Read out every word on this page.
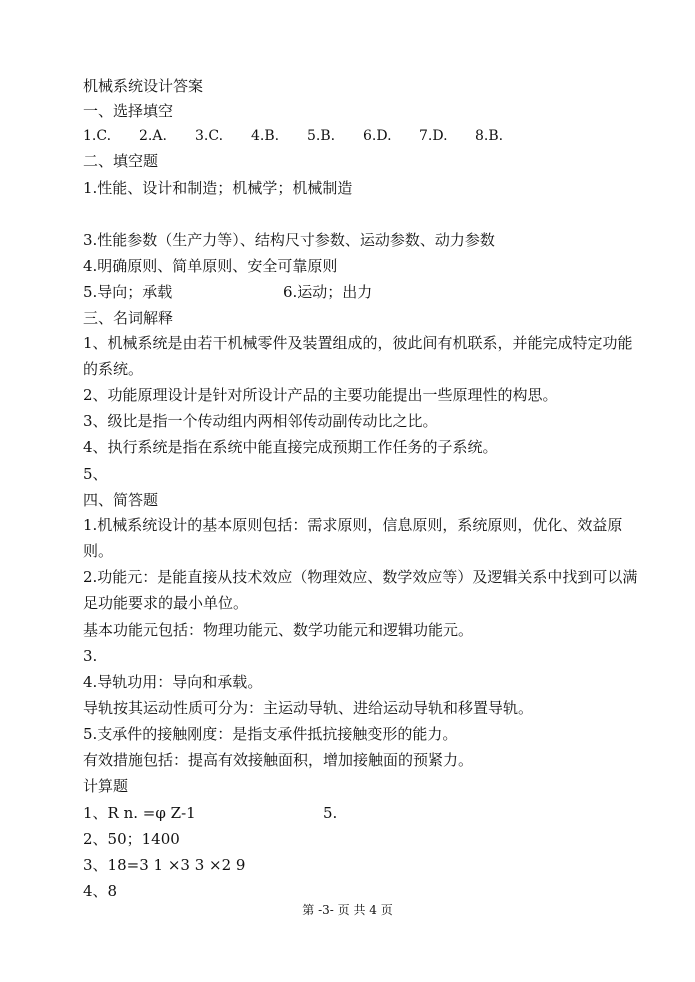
机械系统设计答案
一、选择填空
1.C. 2.A. 3.C. 4.B. 5.B. 6.D. 7.D. 8.B.
二、填空题
1.性能、设计和制造；机械学；机械制造
3.性能参数（生产力等）、结构尺寸参数、运动参数、动力参数
4.明确原则、简单原则、安全可靠原则
5.导向；承载	6.运动；出力
三、名词解释
1、机械系统是由若干机械零件及装置组成的，彼此间有机联系，并能完成特定功能的系统。
2、功能原理设计是针对所设计产品的主要功能提出一些原理性的构思。
3、级比是指一个传动组内两相邻传动副传动比之比。
4、执行系统是指在系统中能直接完成预期工作任务的子系统。
5、
四、简答题
1.机械系统设计的基本原则包括：需求原则，信息原则，系统原则，优化、效益原则。
2.功能元：是能直接从技术效应（物理效应、数学效应等）及逻辑关系中找到可以满足功能要求的最小单位。
基本功能元包括：物理功能元、数学功能元和逻辑功能元。
3.
4.导轨功用：导向和承载。
导轨按其运动性质可分为：主运动导轨、进给运动导轨和移置导轨。
5.支承件的接触刚度：是指支承件抵抗接触变形的能力。
有效措施包括：提高有效接触面积，增加接触面的预紧力。
计算题
1、R n. =φ Z-1	5.
2、50；1400
3、18=3 1 ×3 3 ×2 9
4、8
第 -3- 页 共 4 页
